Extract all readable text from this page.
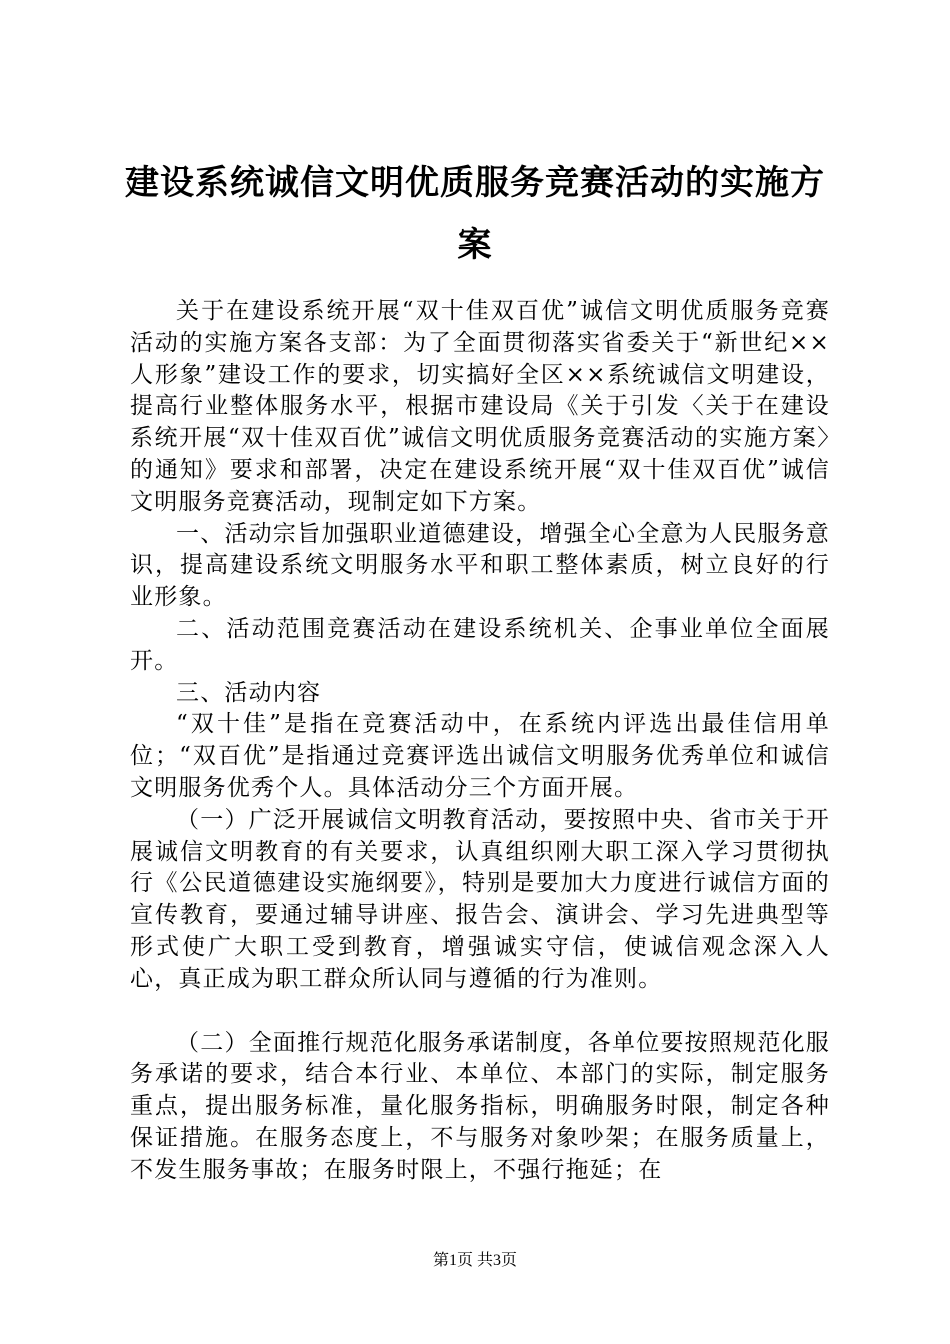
建设系统诚信文明优质服务竞赛活动的实施方案

关于在建设系统开展“双十佳双百优”诚信文明优质服务竞赛活动的实施方案各支部：为了全面贯彻落实省委关于“新世纪××人形象”建设工作的要求，切实搞好全区××系统诚信文明建设，提高行业整体服务水平，根据市建设局《关于引发〈关于在建设系统开展“双十佳双百优”诚信文明优质服务竞赛活动的实施方案〉的通知》要求和部署，决定在建设系统开展“双十佳双百优”诚信文明服务竞赛活动，现制定如下方案。

一、活动宗旨加强职业道德建设，增强全心全意为人民服务意识，提高建设系统文明服务水平和职工整体素质，树立良好的行业形象。

二、活动范围竞赛活动在建设系统机关、企事业单位全面展开。

三、活动内容

“双十佳”是指在竞赛活动中，在系统内评选出最佳信用单位；“双百优”是指通过竞赛评选出诚信文明服务优秀单位和诚信文明服务优秀个人。具体活动分三个方面开展。

（一）广泛开展诚信文明教育活动，要按照中央、省市关于开展诚信文明教育的有关要求，认真组织刚大职工深入学习贯彻执行《公民道德建设实施纲要》，特别是要加大力度进行诚信方面的宣传教育，要通过辅导讲座、报告会、演讲会、学习先进典型等形式使广大职工受到教育，增强诚实守信，使诚信观念深入人心，真正成为职工群众所认同与遵循的行为准则。

（二）全面推行规范化服务承诺制度，各单位要按照规范化服务承诺的要求，结合本行业、本单位、本部门的实际，制定服务重点，提出服务标准，量化服务指标，明确服务时限，制定各种保证措施。在服务态度上，不与服务对象吵架；在服务质量上，不发生服务事故；在服务时限上，不强行拖延；在

第1页 共3页
